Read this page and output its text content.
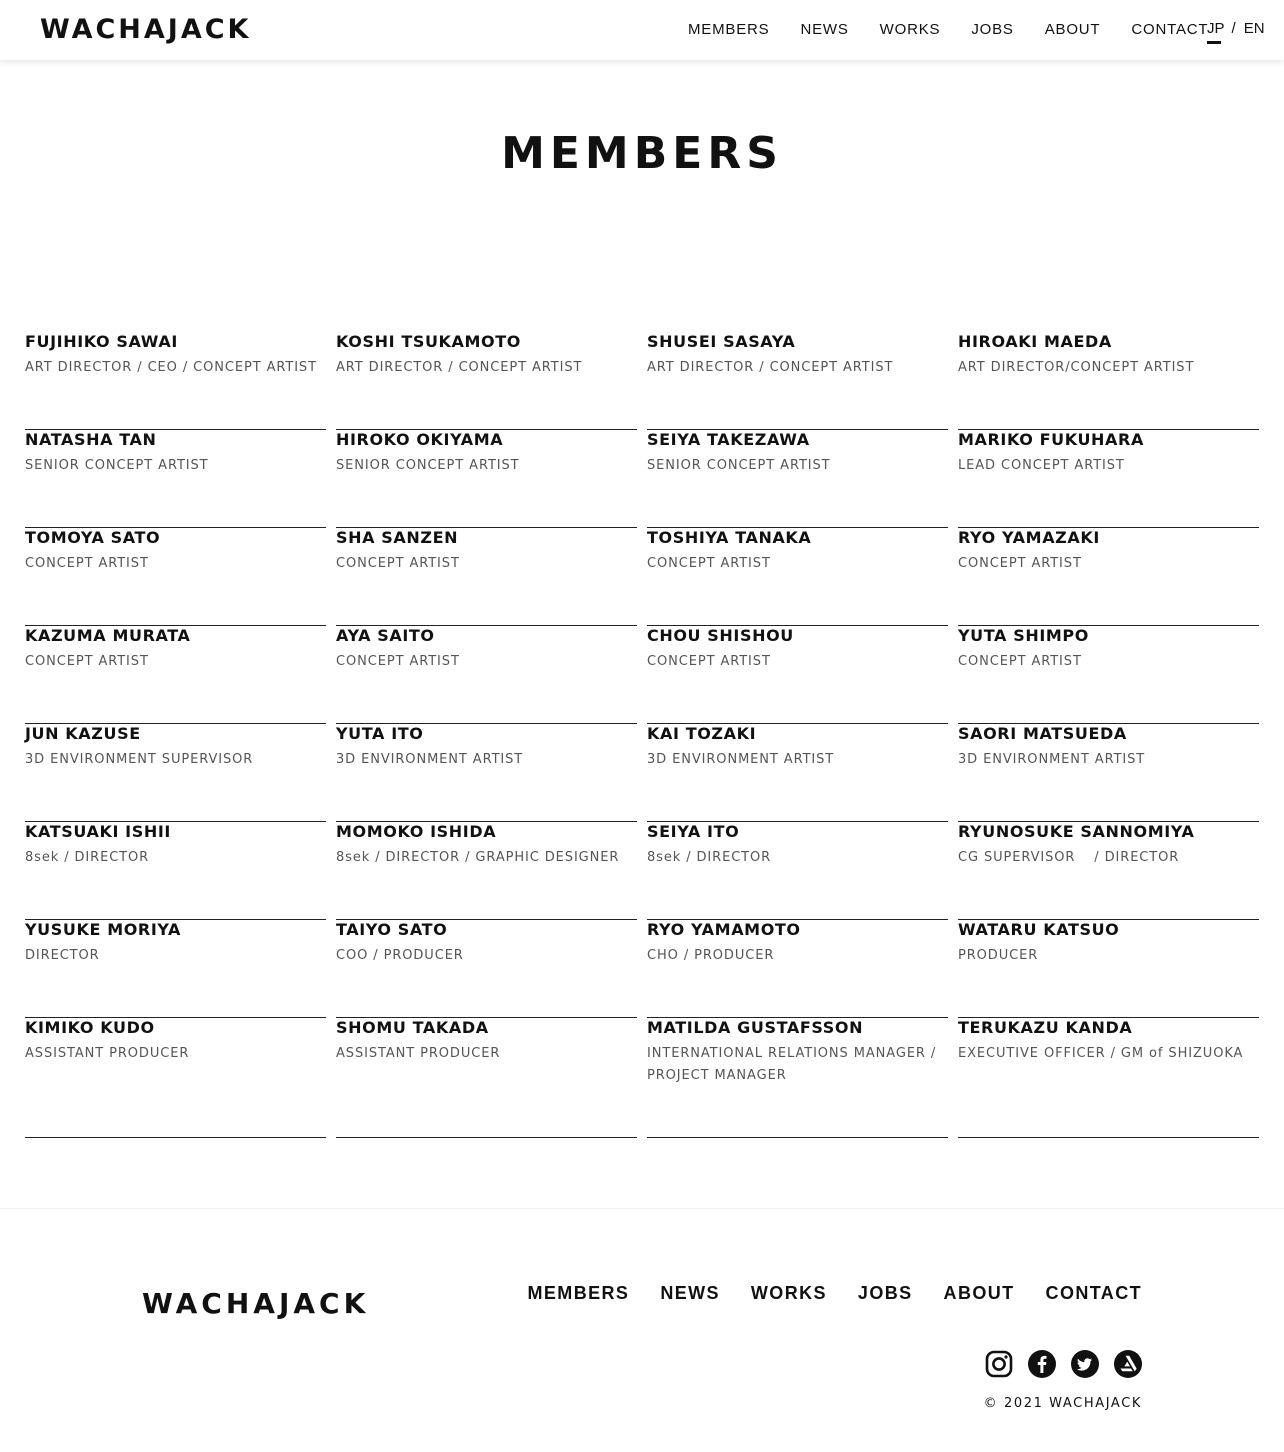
WACHAJACK	MEMBERS NEWS WORKS JOBS ABOUT CONTACT
JP / EN
MEMBERS
FUJIHIKO SAWAI
ART DIRECTOR / CEO / CONCEPT ARTIST
KOSHI TSUKAMOTO
ART DIRECTOR / CONCEPT ARTIST
SHUSEI SASAYA
ART DIRECTOR / CONCEPT ARTIST
HIROAKI MAEDA
ART DIRECTOR/CONCEPT ARTIST
NATASHA TAN
SENIOR CONCEPT ARTIST
HIROKO OKIYAMA
SENIOR CONCEPT ARTIST
SEIYA TAKEZAWA
SENIOR CONCEPT ARTIST
MARIKO FUKUHARA
LEAD CONCEPT ARTIST
TOMOYA SATO
CONCEPT ARTIST
SHA SANZEN
CONCEPT ARTIST
TOSHIYA TANAKA
CONCEPT ARTIST
RYO YAMAZAKI
CONCEPT ARTIST
KAZUMA MURATA
CONCEPT ARTIST
AYA SAITO
CONCEPT ARTIST
CHOU SHISHOU
CONCEPT ARTIST
YUTA SHIMPO
CONCEPT ARTIST
JUN KAZUSE
3D ENVIRONMENT SUPERVISOR
YUTA ITO
3D ENVIRONMENT ARTIST
KAI TOZAKI
3D ENVIRONMENT ARTIST
SAORI MATSUEDA
3D ENVIRONMENT ARTIST
KATSUAKI ISHII
8sek / DIRECTOR
MOMOKO ISHIDA
8sek / DIRECTOR / GRAPHIC DESIGNER
SEIYA ITO
8sek / DIRECTOR
RYUNOSUKE SANNOMIYA
CG SUPERVISOR　 / DIRECTOR
YUSUKE MORIYA
DIRECTOR
TAIYO SATO
COO / PRODUCER
RYO YAMAMOTO
CHO / PRODUCER
WATARU KATSUO
PRODUCER
KIMIKO KUDO
ASSISTANT PRODUCER
SHOMU TAKADA
ASSISTANT PRODUCER
MATILDA GUSTAFSSON
INTERNATIONAL RELATIONS MANAGER / PROJECT MANAGER
TERUKAZU KANDA
EXECUTIVE OFFICER / GM of SHIZUOKA
WACHAJACK	MEMBERS NEWS WORKS JOBS ABOUT CONTACT
© 2021 WACHAJACK
